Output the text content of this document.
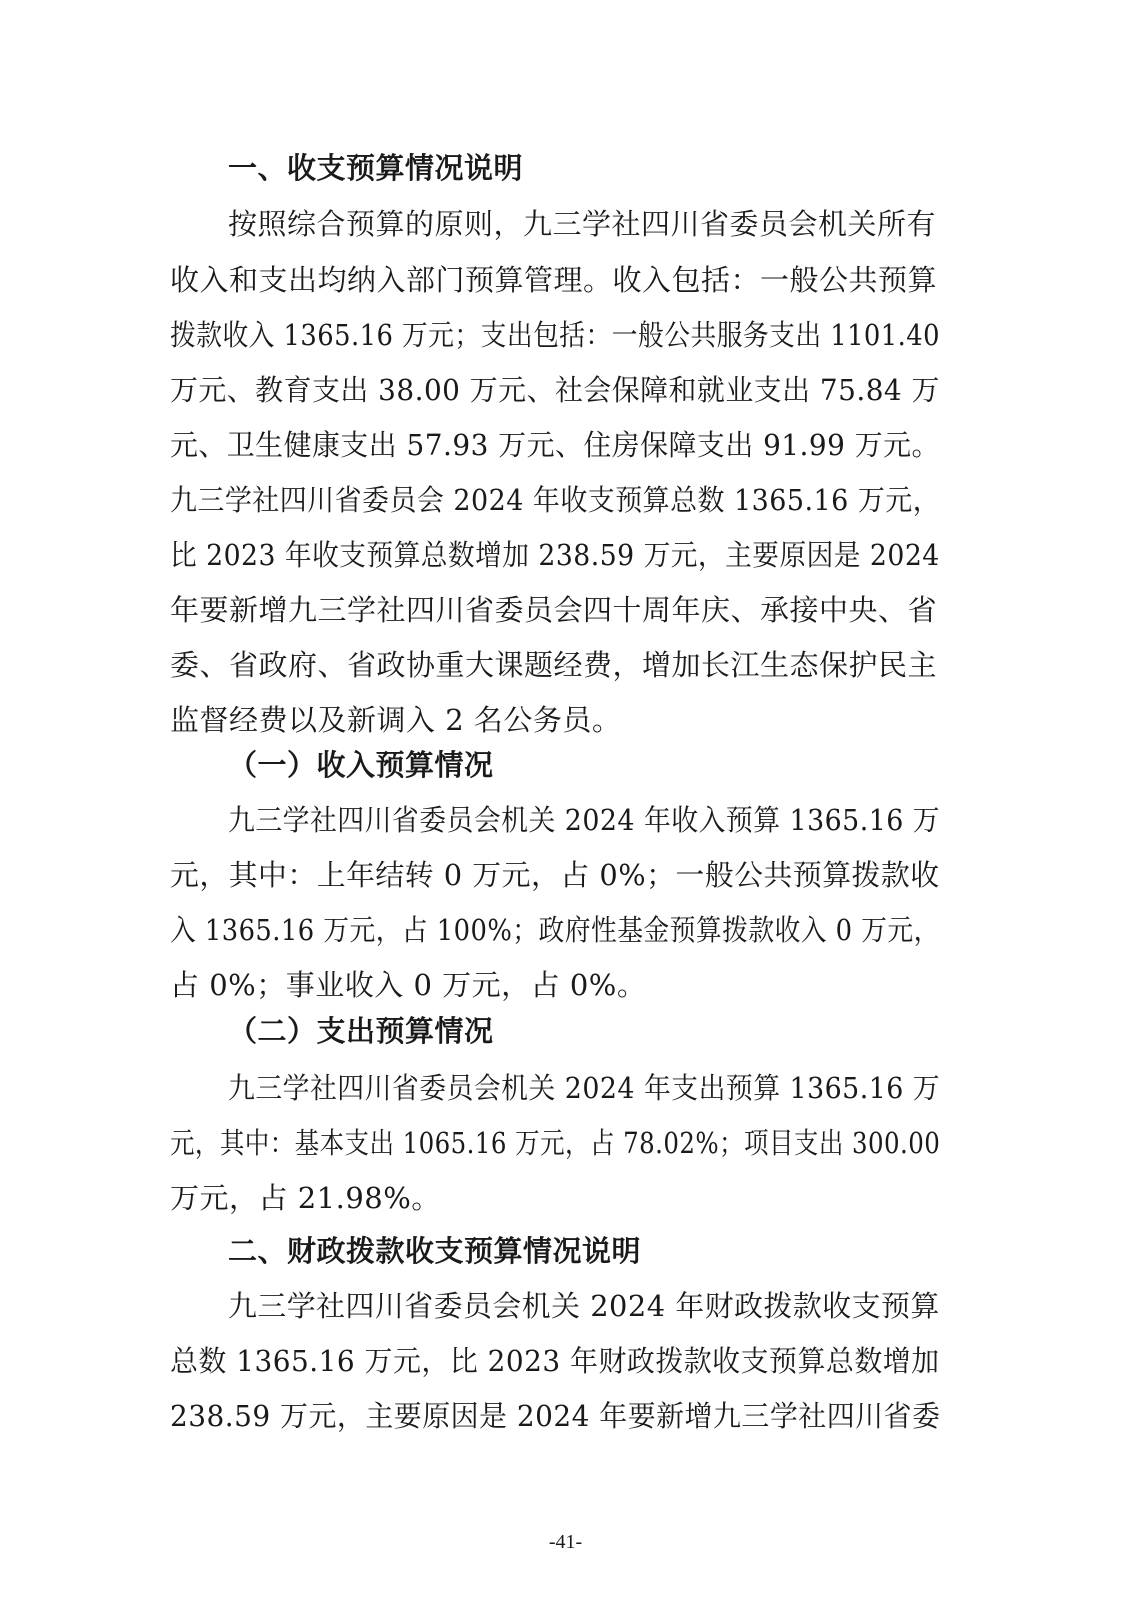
一、收支预算情况说明
按照综合预算的原则，九三学社四川省委员会机关所有
收入和支出均纳入部门预算管理。收入包括：一般公共预算
拨款收入 1365.16 万元；支出包括：一般公共服务支出 1101.40
万元、教育支出 38.00 万元、社会保障和就业支出 75.84 万
元、卫生健康支出 57.93 万元、住房保障支出 91.99 万元。
九三学社四川省委员会 2024 年收支预算总数 1365.16 万元，
比 2023 年收支预算总数增加 238.59 万元，主要原因是 2024
年要新增九三学社四川省委员会四十周年庆、承接中央、省
委、省政府、省政协重大课题经费，增加长江生态保护民主
监督经费以及新调入 2 名公务员。
（一）收入预算情况
九三学社四川省委员会机关 2024 年收入预算 1365.16 万
元，其中：上年结转 0 万元，占 0%；一般公共预算拨款收
入 1365.16 万元，占 100%；政府性基金预算拨款收入 0 万元，
占 0%；事业收入 0 万元，占 0%。
（二）支出预算情况
九三学社四川省委员会机关 2024 年支出预算 1365.16 万
元，其中：基本支出 1065.16 万元，占 78.02%；项目支出 300.00
万元，占 21.98%。
二、财政拨款收支预算情况说明
九三学社四川省委员会机关 2024 年财政拨款收支预算
总数 1365.16 万元，比 2023 年财政拨款收支预算总数增加
238.59 万元，主要原因是 2024 年要新增九三学社四川省委
-41-
